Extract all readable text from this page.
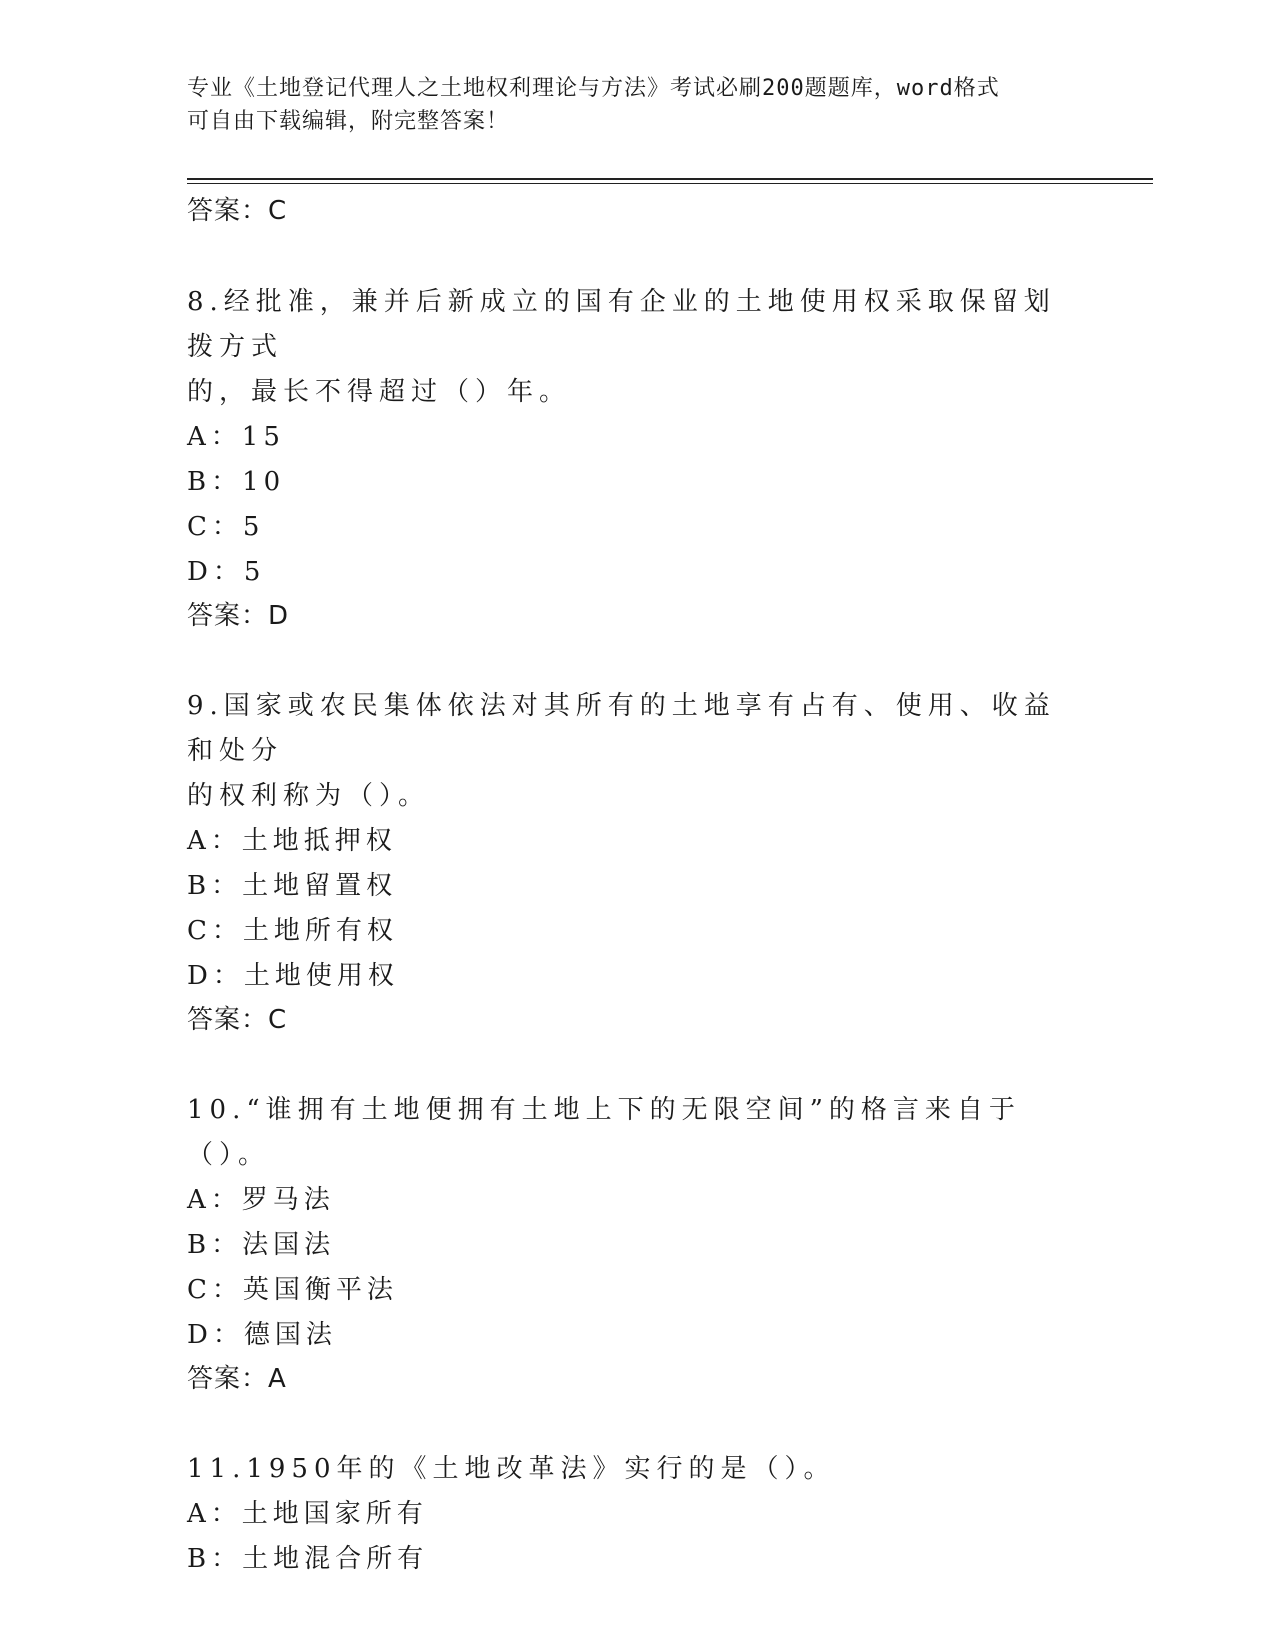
专业《土地登记代理人之土地权利理论与方法》考试必刷200题题库，word格式
可自由下载编辑，附完整答案！
答案：C
8.经批准，兼并后新成立的国有企业的土地使用权采取保留划拨方式
的，最长不得超过（）年。
A：15
B：10
C：5
D：5
答案：D
9.国家或农民集体依法对其所有的土地享有占有、使用、收益和处分
的权利称为（）。
A：土地抵押权
B：土地留置权
C：土地所有权
D：土地使用权
答案：C
10.“谁拥有土地便拥有土地上下的无限空间”的格言来自于（）。
A：罗马法
B：法国法
C：英国衡平法
D：德国法
答案：A
11.1950年的《土地改革法》实行的是（）。
A：土地国家所有
B：土地混合所有
